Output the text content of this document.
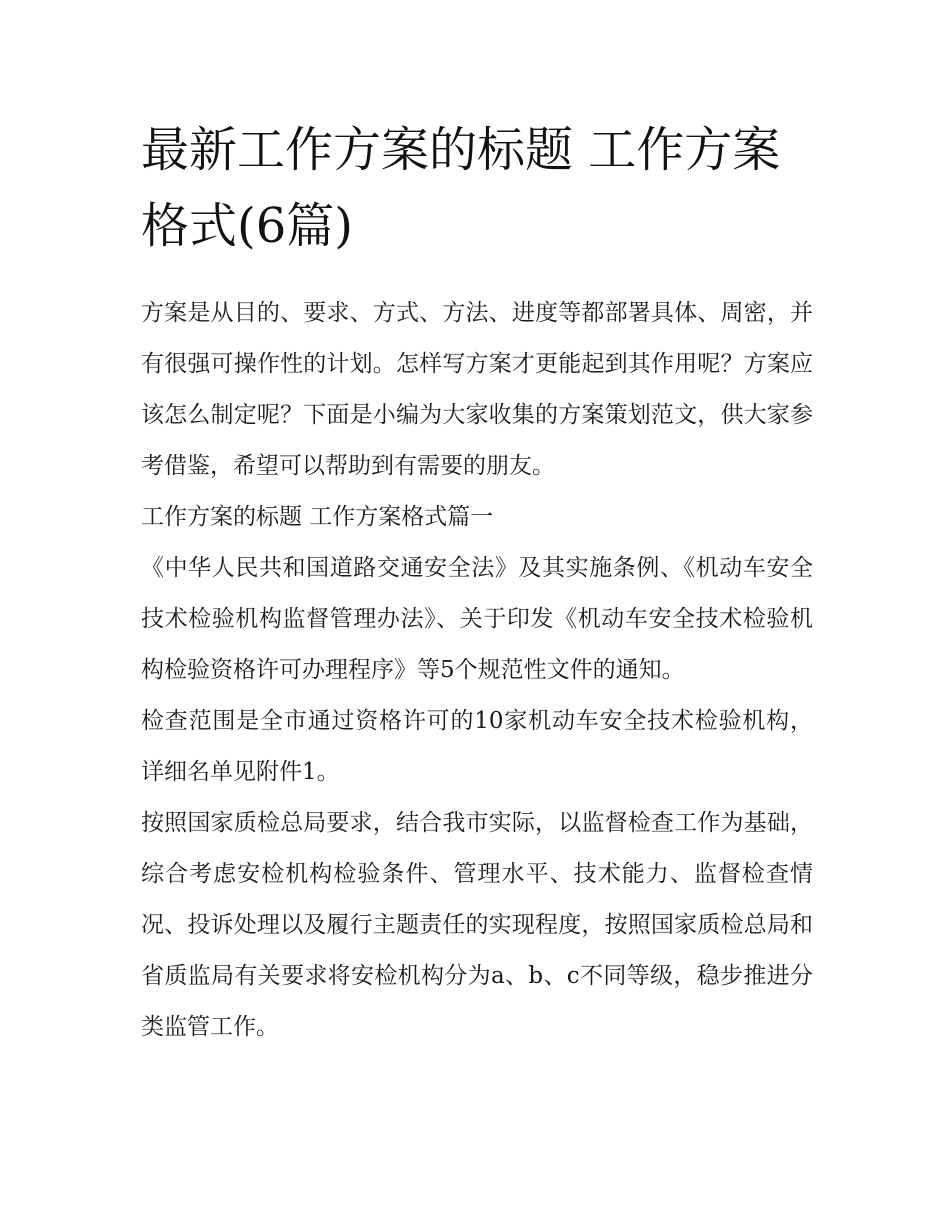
最新工作方案的标题 工作方案格式(6篇)

方案是从目的、要求、方式、方法、进度等都部署具体、周密，并有很强可操作性的计划。怎样写方案才更能起到其作用呢？方案应该怎么制定呢？下面是小编为大家收集的方案策划范文，供大家参考借鉴，希望可以帮助到有需要的朋友。

工作方案的标题 工作方案格式篇一

《中华人民共和国道路交通安全法》及其实施条例、《机动车安全技术检验机构监督管理办法》、关于印发《机动车安全技术检验机构检验资格许可办理程序》等5个规范性文件的通知。

检查范围是全市通过资格许可的10家机动车安全技术检验机构，详细名单见附件1。

按照国家质检总局要求，结合我市实际，以监督检查工作为基础，综合考虑安检机构检验条件、管理水平、技术能力、监督检查情况、投诉处理以及履行主题责任的实现程度，按照国家质检总局和省质监局有关要求将安检机构分为a、b、c不同等级，稳步推进分类监管工作。
